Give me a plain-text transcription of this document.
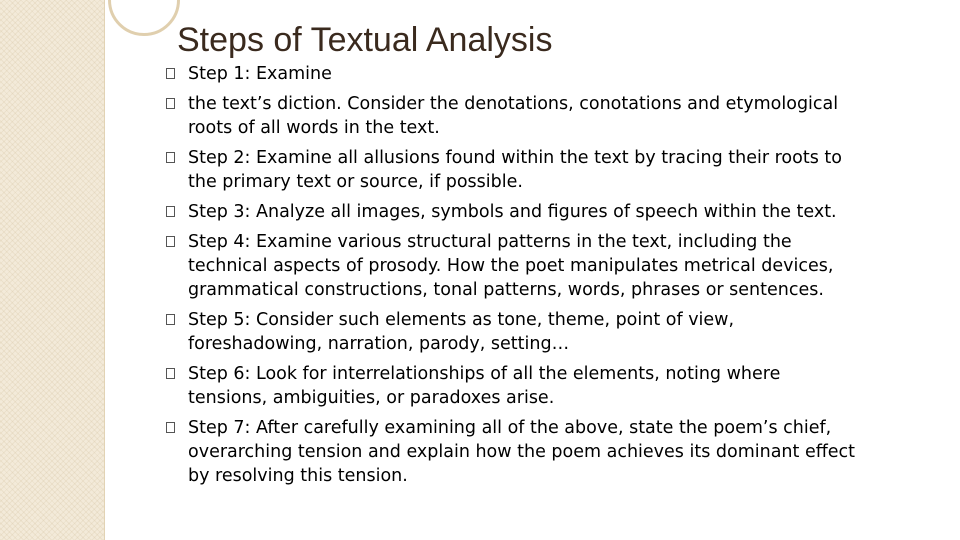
Steps of Textual Analysis
Step 1: Examine
the text’s diction. Consider the denotations, conotations and etymological roots of all words in the text.
Step 2: Examine all allusions found within the text by tracing their roots to the primary text or source, if possible.
Step 3: Analyze all images, symbols and figures of speech within the text.
Step 4: Examine various structural patterns in the text, including the technical aspects of prosody. How the poet manipulates metrical devices, grammatical constructions, tonal patterns, words, phrases or sentences.
Step 5: Consider such elements as tone, theme, point of view, foreshadowing, narration, parody, setting…
Step 6: Look for interrelationships of all the elements, noting where tensions, ambiguities, or paradoxes arise.
Step 7: After carefully examining all of the above, state the poem’s chief, overarching tension and explain how the poem achieves its dominant effect by resolving this tension.
